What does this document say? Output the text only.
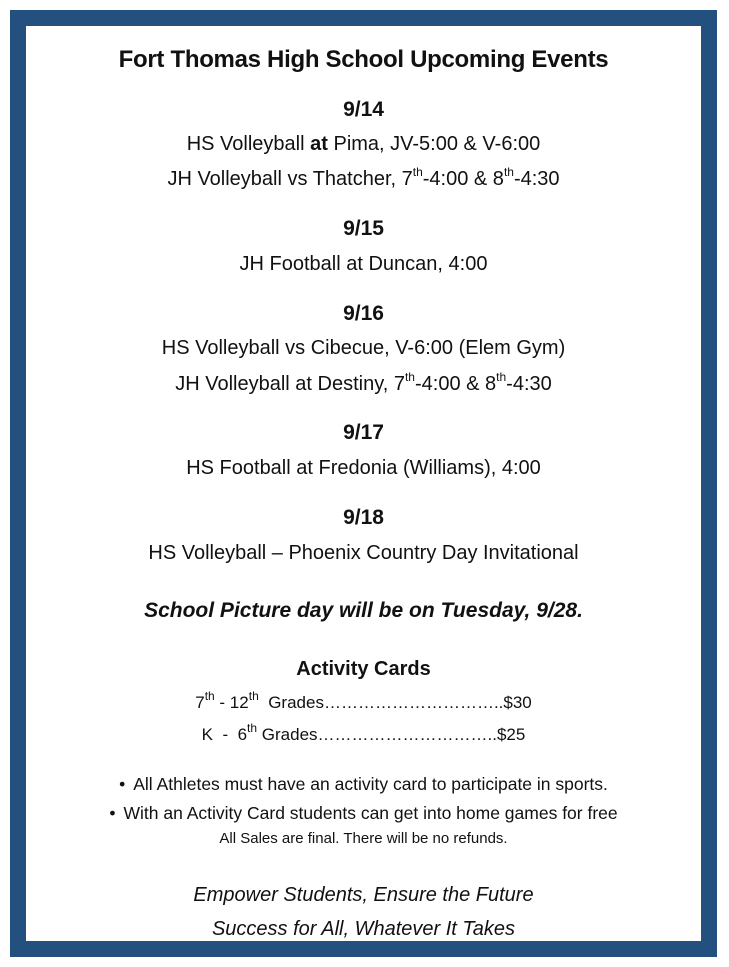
Fort Thomas High School Upcoming Events
9/14
HS Volleyball at Pima, JV-5:00 & V-6:00
JH Volleyball vs Thatcher, 7th-4:00 & 8th-4:30
9/15
JH Football at Duncan, 4:00
9/16
HS Volleyball vs Cibecue, V-6:00 (Elem Gym)
JH Volleyball at Destiny, 7th-4:00 & 8th-4:30
9/17
HS Football at Fredonia (Williams), 4:00
9/18
HS Volleyball – Phoenix Country Day Invitational
School Picture day will be on Tuesday, 9/28.
Activity Cards
7th - 12th  Grades…………………………..$30
K  -  6th Grades…………………………..$25
• All Athletes must have an activity card to participate in sports.
• With an Activity Card students can get into home games for free
All Sales are final. There will be no refunds.
Empower Students, Ensure the Future
Success for All, Whatever It Takes
